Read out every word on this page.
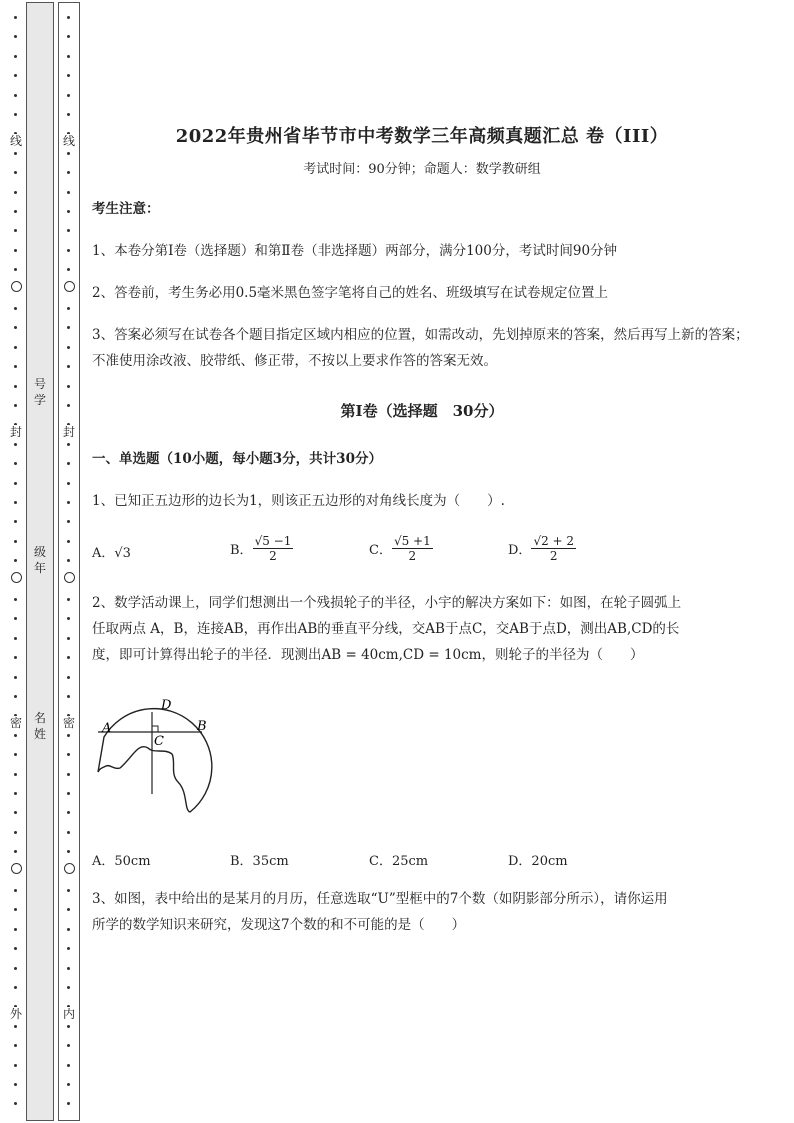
线
封
密
外
号
学
级
年
名
姓
线
封
密
内
2022年贵州省毕节市中考数学三年高频真题汇总 卷（III）
考试时间：90分钟；命题人：数学教研组
考生注意：
1、本卷分第I卷（选择题）和第Ⅱ卷（非选择题）两部分，满分100分，考试时间90分钟
2、答卷前，考生务必用0.5毫米黑色签字笔将自己的姓名、班级填写在试卷规定位置上
3、答案必须写在试卷各个题目指定区域内相应的位置，如需改动，先划掉原来的答案，然后再写上新的答案；不准使用涂改液、胶带纸、修正带，不按以上要求作答的答案无效。
第I卷（选择题　30分）
一、单选题（10小题，每小题3分，共计30分）
1、已知正五边形的边长为1，则该正五边形的对角线长度为（　　）.
A．√3	B． $\frac{√5 -1}{2}$	C． $\frac{√5 +1}{2}$	D． $\frac{√2 + 2}{2}$
2、数学活动课上，同学们想测出一个残损轮子的半径，小宇的解决方案如下：如图，在轮子圆弧上
任取两点 A，B，连接AB，再作出AB的垂直平分线，交AB于点C，交AB于点D，测出AB,CD的长
度，即可计算得出轮子的半径．现测出AB = 40cm,CD = 10cm，则轮子的半径为（　　）
A	B
C
D
A．50cm	B．35cm	C．25cm	D．20cm
3、如图，表中给出的是某月的月历，任意选取“U”型框中的7个数（如阴影部分所示），请你运用
所学的数学知识来研究，发现这7个数的和不可能的是（　　）
